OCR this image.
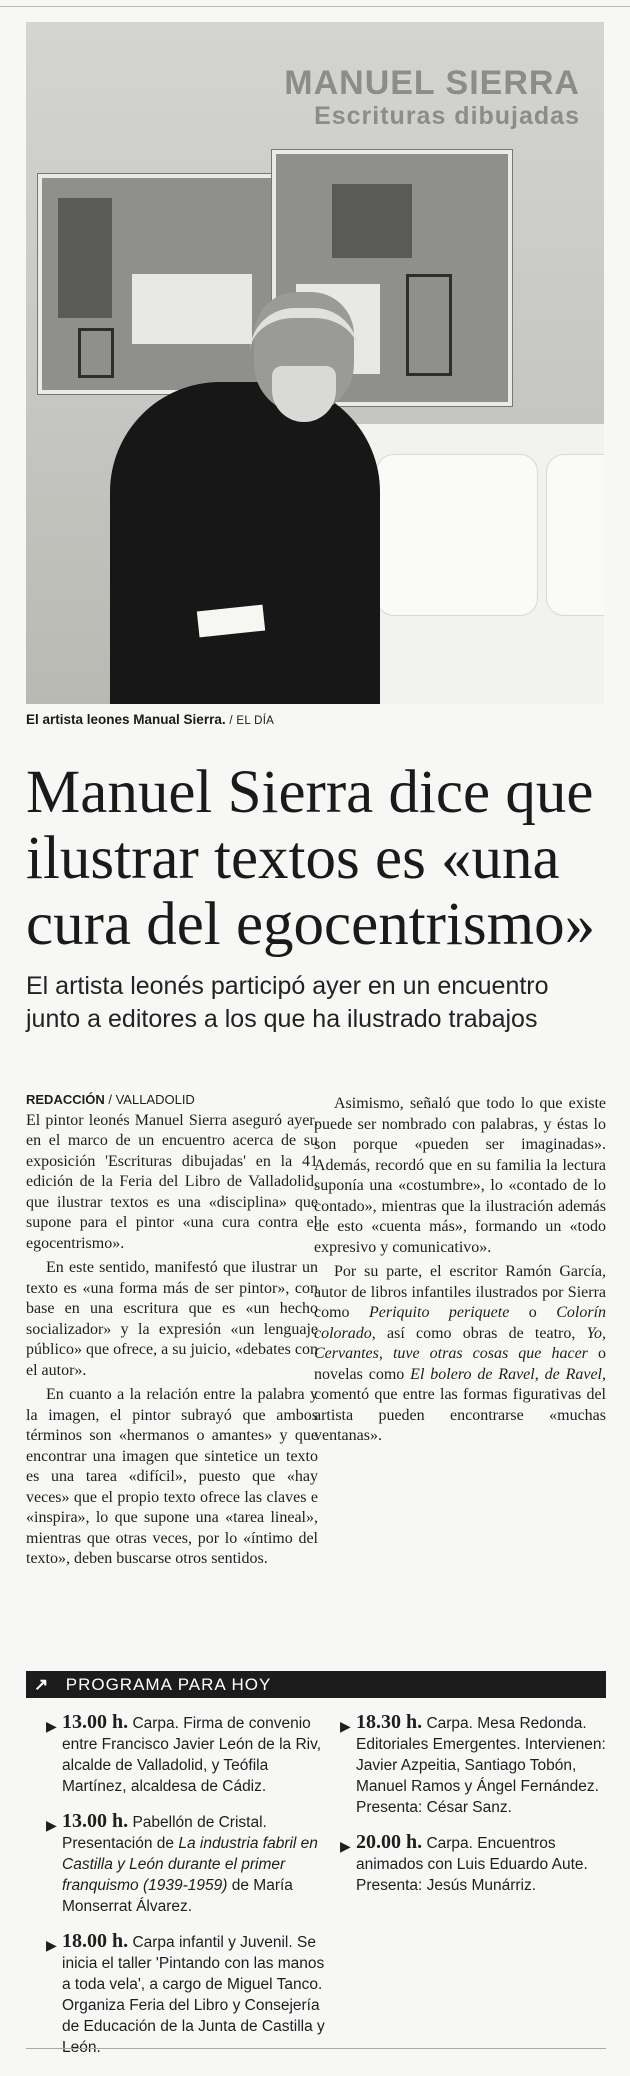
MANUEL SIERRA
Escrituras dibujadas
El artista leones Manual Sierra. / EL DÍA
Manuel Sierra dice que
ilustrar textos es «una
cura del egocentrismo»
El artista leonés participó ayer en un encuentro
junto a editores a los que ha ilustrado trabajos
REDACCIÓN / VALLADOLID

El pintor leonés Manuel Sierra aseguró ayer, en el marco de un encuentro acerca de su exposición 'Escrituras dibujadas' en la 41 edición de la Feria del Libro de Valladolid, que ilustrar textos es una «disciplina» que supone para el pintor «una cura contra el egocentrismo».

En este sentido, manifestó que ilustrar un texto es «una forma más de ser pintor», con base en una escritura que es «un hecho socializador» y la expresión «un lenguaje público» que ofrece, a su juicio, «debates con el autor».

En cuanto a la relación entre la palabra y la imagen, el pintor subrayó que ambos términos son «hermanos o amantes» y que encontrar una imagen que sintetice un texto es una tarea «difícil», puesto que «hay veces» que el propio texto ofrece las claves e «inspira», lo que supone una «tarea lineal», mientras que otras veces, por lo «íntimo del texto», deben buscarse otros sentidos.

Asimismo, señaló que todo lo que existe puede ser nombrado con palabras, y éstas lo son porque «pueden ser imaginadas». Además, recordó que en su familia la lectura suponía una «costumbre», lo «contado de lo contado», mientras que la ilustración además de esto «cuenta más», formando un «todo expresivo y comunicativo».

Por su parte, el escritor Ramón García, autor de libros infantiles ilustrados por Sierra como Periquito periquete o Colorín colorado, así como obras de teatro, Yo, Cervantes, tuve otras cosas que hacer o novelas como El bolero de Ravel, de Ravel, comentó que entre las formas figurativas del artista pueden encontrarse «muchas ventanas».

↗ PROGRAMA PARA HOY
▶ 13.00 h. Carpa. Firma de convenio entre Francisco Javier León de la Riv, alcalde de Valladolid, y Teófila Martínez, alcaldesa de Cádiz.
▶ 13.00 h. Pabellón de Cristal. Presentación de La industria fabril en Castilla y León durante el primer franquismo (1939-1959) de María Monserrat Álvarez.
▶ 18.00 h. Carpa infantil y Juvenil. Se inicia el taller 'Pintando con las manos a toda vela', a cargo de Miguel Tanco. Organiza Feria del Libro y Consejería de Educación de la Junta de Castilla y León.
▶ 18.30 h. Carpa. Mesa Redonda. Editoriales Emergentes. Intervienen: Javier Azpeitia, Santiago Tobón, Manuel Ramos y Ángel Fernández. Presenta: César Sanz.
▶ 20.00 h. Carpa. Encuentros animados con Luis Eduardo Aute. Presenta: Jesús Munárriz.
